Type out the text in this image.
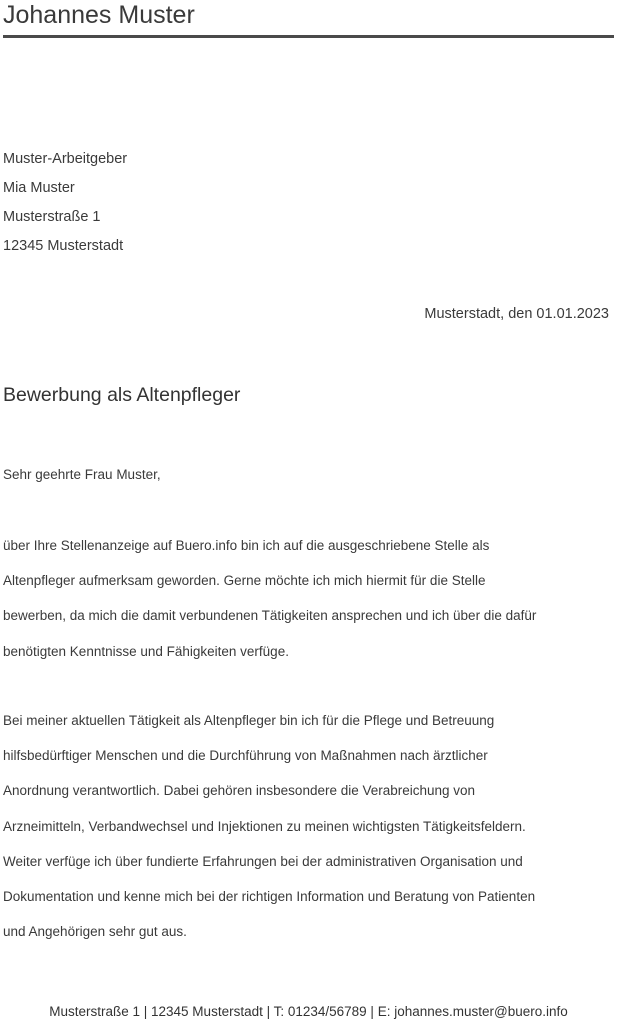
Johannes Muster
Muster-Arbeitgeber
Mia Muster
Musterstraße 1
12345 Musterstadt
Musterstadt, den 01.01.2023
Bewerbung als Altenpfleger
Sehr geehrte Frau Muster,
über Ihre Stellenanzeige auf Buero.info bin ich auf die ausgeschriebene Stelle als
Altenpfleger aufmerksam geworden. Gerne möchte ich mich hiermit für die Stelle
bewerben, da mich die damit verbundenen Tätigkeiten ansprechen und ich über die dafür
benötigten Kenntnisse und Fähigkeiten verfüge.
Bei meiner aktuellen Tätigkeit als Altenpfleger bin ich für die Pflege und Betreuung
hilfsbedürftiger Menschen und die Durchführung von Maßnahmen nach ärztlicher
Anordnung verantwortlich. Dabei gehören insbesondere die Verabreichung von
Arzneimitteln, Verbandwechsel und Injektionen zu meinen wichtigsten Tätigkeitsfeldern.
Weiter verfüge ich über fundierte Erfahrungen bei der administrativen Organisation und
Dokumentation und kenne mich bei der richtigen Information und Beratung von Patienten
und Angehörigen sehr gut aus.
Musterstraße 1 | 12345 Musterstadt | T: 01234/56789 | E: johannes.muster@buero.info
